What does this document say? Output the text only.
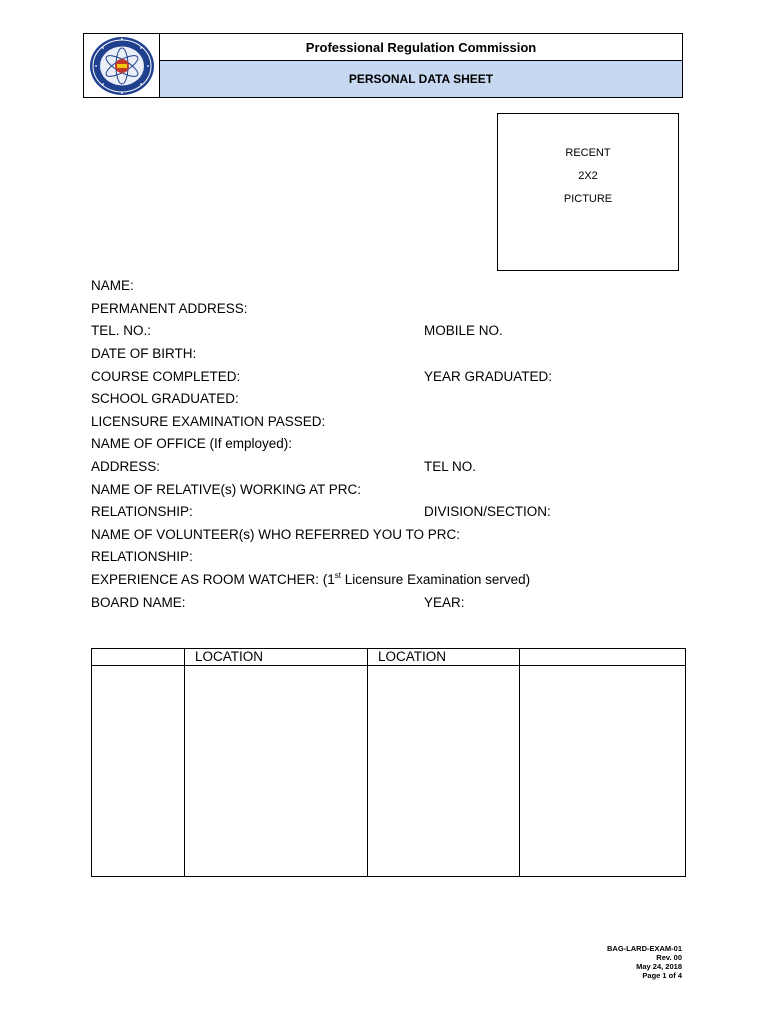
Professional Regulation Commission
PERSONAL DATA SHEET
RECENT
2X2
PICTURE
NAME:
PERMANENT ADDRESS:
TEL. NO.:	MOBILE NO.
DATE OF BIRTH:
COURSE COMPLETED:	YEAR GRADUATED:
SCHOOL GRADUATED:
LICENSURE EXAMINATION PASSED:
NAME OF OFFICE (If employed):
ADDRESS:	TEL NO.
NAME OF RELATIVE(s) WORKING AT PRC:
RELATIONSHIP:	DIVISION/SECTION:
NAME OF VOLUNTEER(s) WHO REFERRED YOU TO PRC:
RELATIONSHIP:
EXPERIENCE AS ROOM WATCHER: (1st Licensure Examination served)
BOARD NAME:	YEAR:
	LOCATION	LOCATION	

BAG-LARD-EXAM-01
Rev. 00
May 24, 2018
Page 1 of 4
